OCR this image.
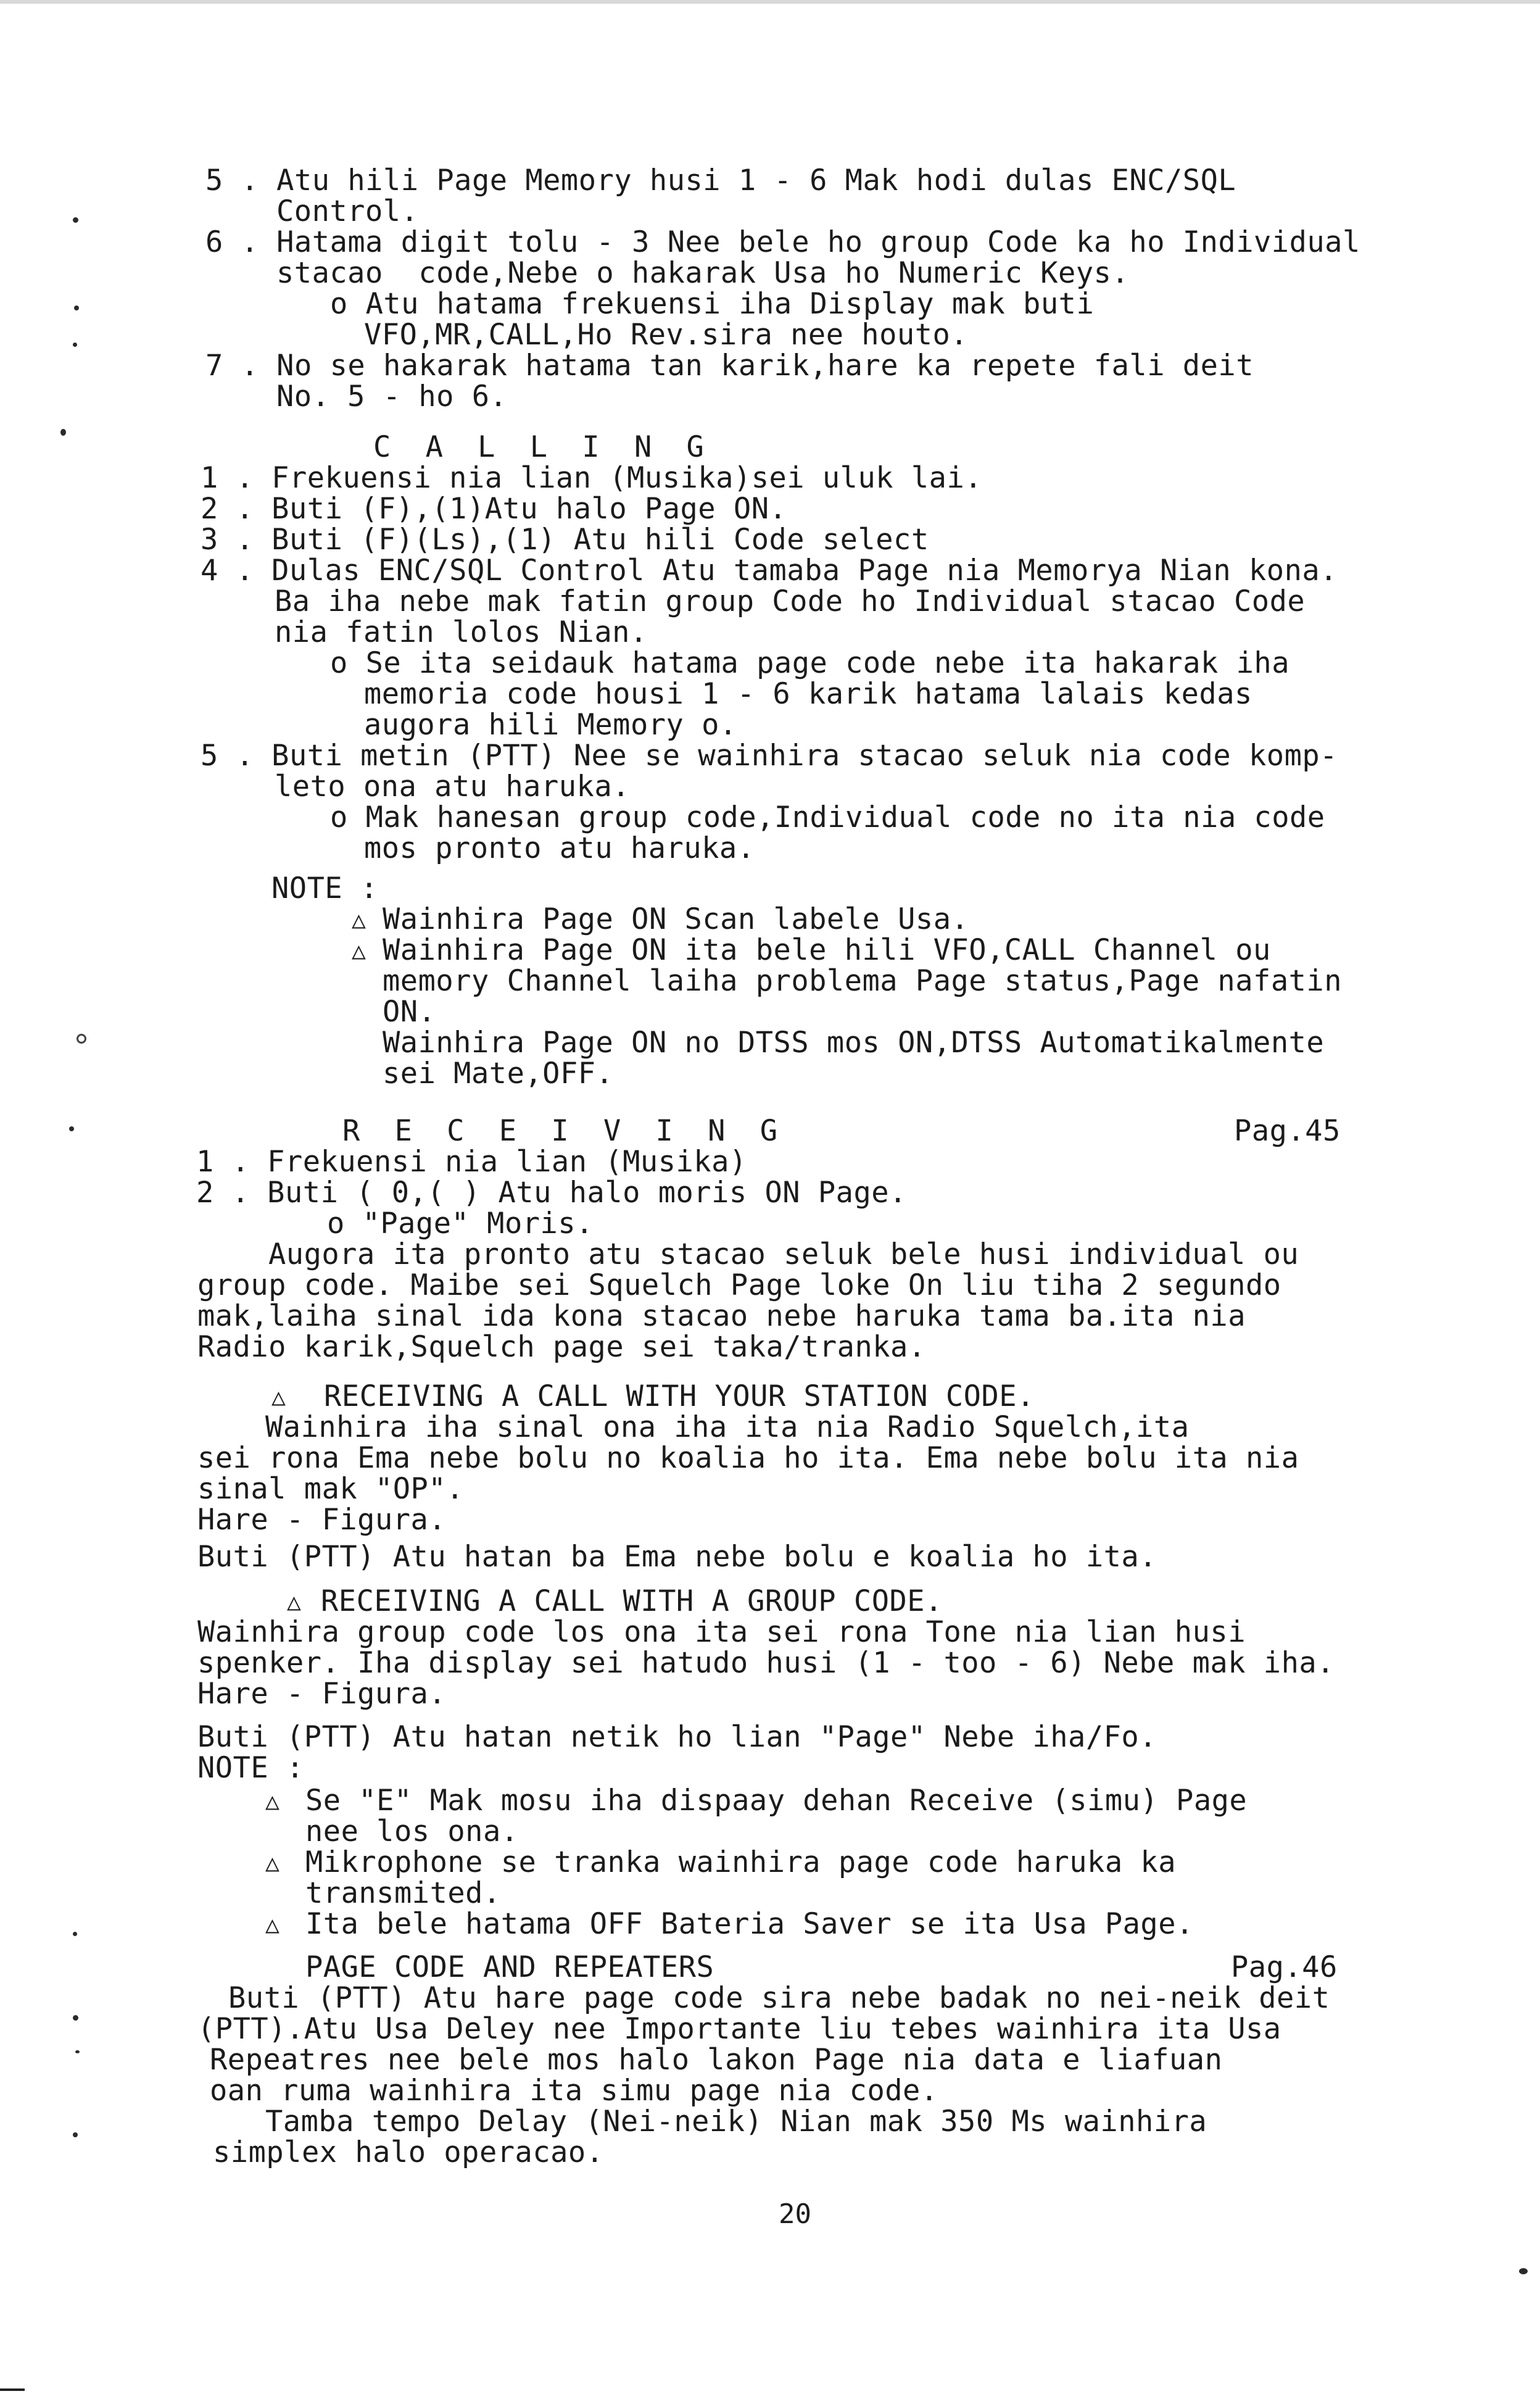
5 . Atu hili Page Memory husi 1 - 6 Mak hodi dulas ENC/SQL
Control.
6 . Hatama digit tolu - 3 Nee bele ho group Code ka ho Individual
stacao  code,Nebe o hakarak Usa ho Numeric Keys.
o Atu hatama frekuensi iha Display mak buti
VFO,MR,CALL,Ho Rev.sira nee houto.
7 . No se hakarak hatama tan karik,hare ka repete fali deit
No. 5 - ho 6.
C A L L I N G
1 . Frekuensi nia lian (Musika)sei uluk lai.
2 . Buti (F),(1)Atu halo Page ON.
3 . Buti (F)(Ls),(1) Atu hili Code select
4 . Dulas ENC/SQL Control Atu tamaba Page nia Memorya Nian kona.
Ba iha nebe mak fatin group Code ho Individual stacao Code
nia fatin lolos Nian.
o Se ita seidauk hatama page code nebe ita hakarak iha
memoria code housi 1 - 6 karik hatama lalais kedas
augora hili Memory o.
5 . Buti metin (PTT) Nee se wainhira stacao seluk nia code komp-
leto ona atu haruka.
o Mak hanesan group code,Individual code no ita nia code
mos pronto atu haruka.
NOTE :
Wainhira Page ON Scan labele Usa.
Wainhira Page ON ita bele hili VFO,CALL Channel ou
memory Channel laiha problema Page status,Page nafatin
ON.
Wainhira Page ON no DTSS mos ON,DTSS Automatikalmente
sei Mate,OFF.
R E C E I V I N G
1 . Frekuensi nia lian (Musika)
2 . Buti ( 0,( ) Atu halo moris ON Page.
o "Page" Moris.
Augora ita pronto atu stacao seluk bele husi individual ou
group code. Maibe sei Squelch Page loke On liu tiha 2 segundo
mak,laiha sinal ida kona stacao nebe haruka tama ba.ita nia
Radio karik,Squelch page sei taka/tranka.
RECEIVING A CALL WITH YOUR STATION CODE.
Wainhira iha sinal ona iha ita nia Radio Squelch,ita
sei rona Ema nebe bolu no koalia ho ita. Ema nebe bolu ita nia
sinal mak "OP".
Hare - Figura.
Buti (PTT) Atu hatan ba Ema nebe bolu e koalia ho ita.
RECEIVING A CALL WITH A GROUP CODE.
Wainhira group code los ona ita sei rona Tone nia lian husi
spenker. Iha display sei hatudo husi (1 - too - 6) Nebe mak iha.
Hare - Figura.
Buti (PTT) Atu hatan netik ho lian "Page" Nebe iha/Fo.
NOTE :
Se "E" Mak mosu iha dispaay dehan Receive (simu) Page
nee los ona.
Mikrophone se tranka wainhira page code haruka ka
transmited.
Ita bele hatama OFF Bateria Saver se ita Usa Page.
PAGE CODE AND REPEATERS
Buti (PTT) Atu hare page code sira nebe badak no nei-neik deit
(PTT).Atu Usa Deley nee Importante liu tebes wainhira ita Usa
Repeatres nee bele mos halo lakon Page nia data e liafuan
oan ruma wainhira ita simu page nia code.
Tamba tempo Delay (Nei-neik) Nian mak 350 Ms wainhira
simplex halo operacao.
△
△
△
△
△
△
△
Pag.45
Pag.46
20
